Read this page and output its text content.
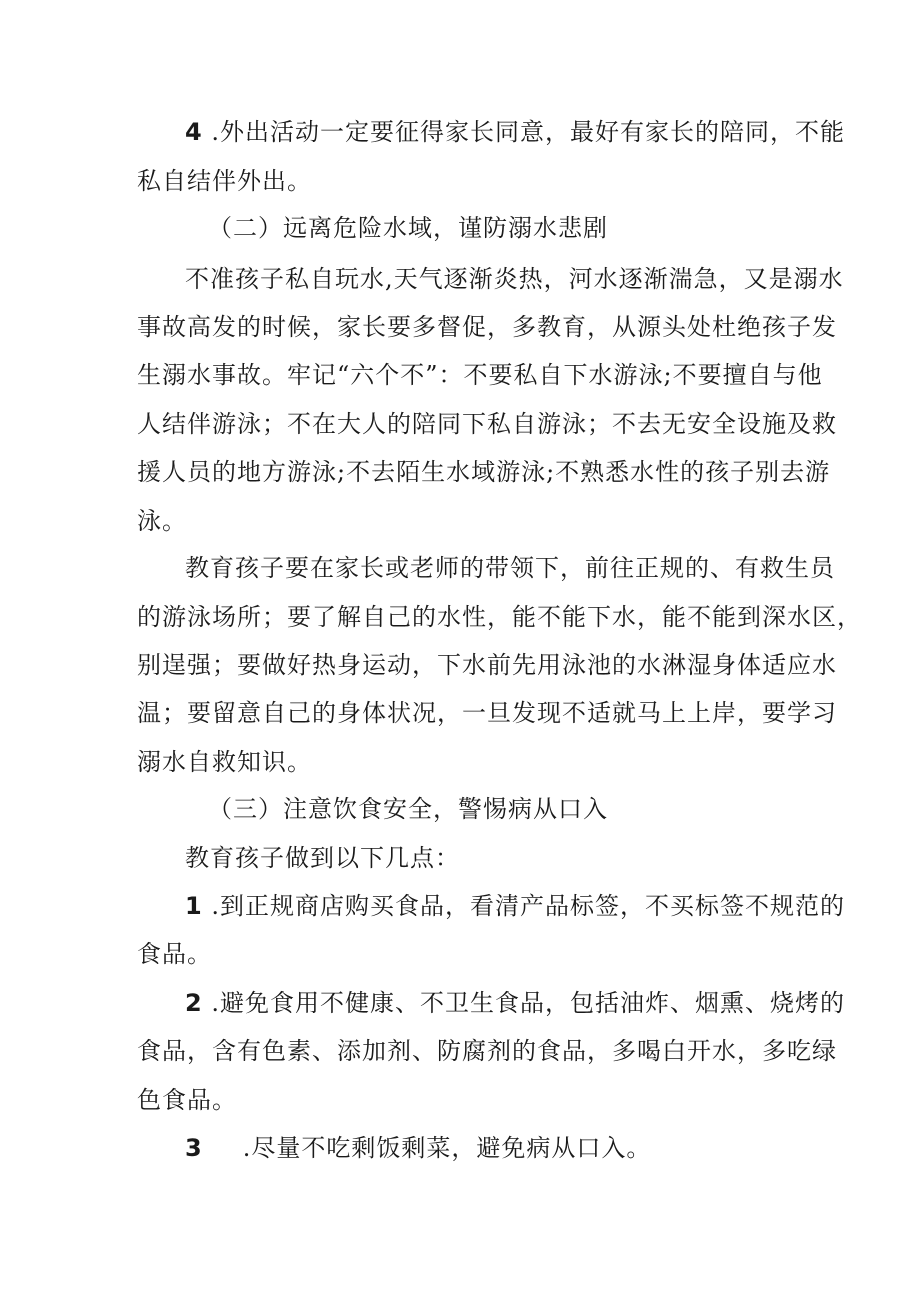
4 .外出活动一定要征得家长同意，最好有家长的陪同，不能
私自结伴外出。
（二）远离危险水域，谨防溺水悲剧
不准孩子私自玩水,天气逐渐炎热，河水逐渐湍急，又是溺水
事故高发的时候，家长要多督促，多教育，从源头处杜绝孩子发
生溺水事故。牢记“六个不”：不要私自下水游泳;不要擅自与他
人结伴游泳；不在大人的陪同下私自游泳；不去无安全设施及救
援人员的地方游泳;不去陌生水域游泳;不熟悉水性的孩子别去游
泳。
教育孩子要在家长或老师的带领下，前往正规的、有救生员
的游泳场所；要了解自己的水性，能不能下水，能不能到深水区，
别逞强；要做好热身运动，下水前先用泳池的水淋湿身体适应水
温；要留意自己的身体状况，一旦发现不适就马上上岸，要学习
溺水自救知识。
（三）注意饮食安全，警惕病从口入
教育孩子做到以下几点：
1 .到正规商店购买食品，看清产品标签，不买标签不规范的
食品。
2 .避免食用不健康、不卫生食品，包括油炸、烟熏、烧烤的
食品，含有色素、添加剂、防腐剂的食品，多喝白开水，多吃绿
色食品。
3 .尽量不吃剩饭剩菜，避免病从口入。
